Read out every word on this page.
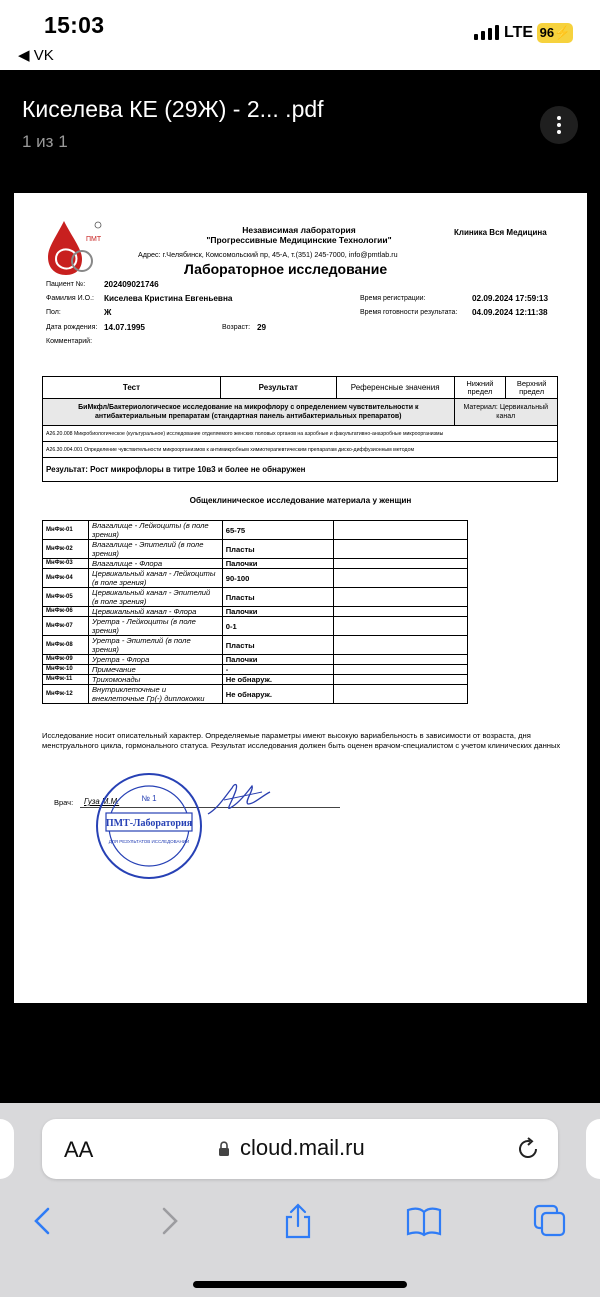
15:03
◀ VK
LTE 96⚡
Киселева КЕ (29Ж) - 2... .pdf
1 из 1
ПМТ
Независимая лаборатория
"Прогрессивные Медицинские Технологии"
Клиника Вся Медицина
Адрес: г.Челябинск, Комсомольский пр, 45-А, т.(351) 245-7000, info@pmtlab.ru
Лабораторное исследование
Пациент №: 202409021746
Фамилия И.О.: Киселева Кристина Евгеньевна
Пол:	Ж
Дата рождения: 14.07.1995	Возраст: 29
Комментарий:
Время регистрации:	02.09.2024 17:59:13
Время готовности результата: 04.09.2024 12:11:38
Тест	Результат	Референсные значения	Нижний предел	Верхний предел
БиМкфл/Бактериологическое исследование на микрофлору с определением чувствительности к антибактериальным препаратам (стандартная панель антибактериальных препаратов)			Материал: Цервикальный канал	
А26.20.008 Микробиологическое (культуральное) исследование отделяемого женских половых органов на аэробные и факультативно-анаэробные микроорганизмы				
А26.30.004.001 Определение чувствительности микроорганизмов к антимикробным химиотерапевтическим препаратам диско-диффузионным методом				
Результат: Рост микрофлоры в титре 10в3 и более не обнаружен				
Общеклиническое исследование материала у женщин
МнФж-01	Влагалище - Лейкоциты (в поле зрения)	65-75	
МнФж-02	Влагалище - Эпителий (в поле зрения)	Пласты	
МнФж-03	Влагалище - Флора	Палочки	
МнФж-04	Цервикальный канал - Лейкоциты (в поле зрения)	90-100	
МнФж-05	Цервикальный канал - Эпителий (в поле зрения)	Пласты	
МнФж-06	Цервикальный канал - Флора	Палочки	
МнФж-07	Уретра - Лейкоциты (в поле зрения)	0-1	
МнФж-08	Уретра - Эпителий (в поле зрения)	Пласты	
МнФж-09	Уретра - Флора	Палочки	
МнФж-10	Примечание	-	
МнФж-11	Трихомонады	Не обнаруж.	
МнФж-12	Внутриклеточные и внеклеточные Гр(-) диплококки	Не обнаруж.	
Исследование носит описательный характер. Определяемые параметры имеют высокую вариабельность в зависимости от возраста, дня менструального цикла, гормонального статуса. Результат исследования должен быть оценен врачом-специалистом с учетом клинических данных
Врач: Гуза М.М.	№ 1
ПМТ-Лаборатория
ДЛЯ РЕЗУЛЬТАТОВ ИССЛЕДОВАНИЙ
AA	cloud.mail.ru
